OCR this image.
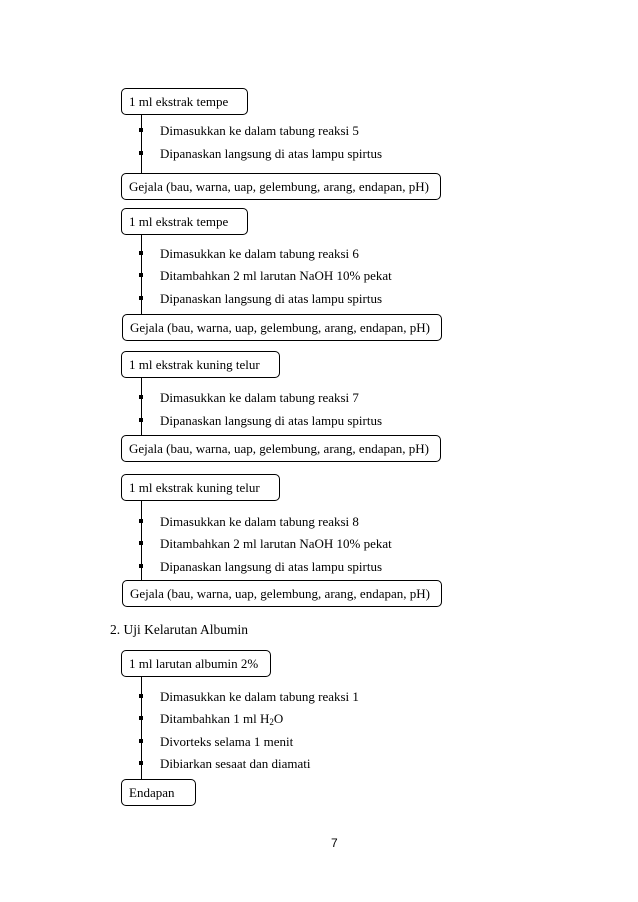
1 ml ekstrak tempe
Dimasukkan ke dalam tabung reaksi 5
Dipanaskan langsung di atas lampu spirtus
Gejala (bau, warna, uap, gelembung, arang, endapan, pH)
1 ml ekstrak tempe
Dimasukkan ke dalam tabung reaksi 6
Ditambahkan 2 ml larutan NaOH 10% pekat
Dipanaskan langsung di atas lampu spirtus
Gejala (bau, warna, uap, gelembung, arang, endapan, pH)
1 ml ekstrak kuning telur
Dimasukkan ke dalam tabung reaksi 7
Dipanaskan langsung di atas lampu spirtus
Gejala (bau, warna, uap, gelembung, arang, endapan, pH)
1 ml ekstrak kuning telur
Dimasukkan ke dalam tabung reaksi 8
Ditambahkan 2 ml larutan NaOH 10% pekat
Dipanaskan langsung di atas lampu spirtus
Gejala (bau, warna, uap, gelembung, arang, endapan, pH)
2. Uji Kelarutan Albumin
1 ml larutan albumin 2%
Dimasukkan ke dalam tabung reaksi 1
Ditambahkan 1 ml $H_2O$
Divorteks selama 1 menit
Dibiarkan sesaat dan diamati
Endapan
7
